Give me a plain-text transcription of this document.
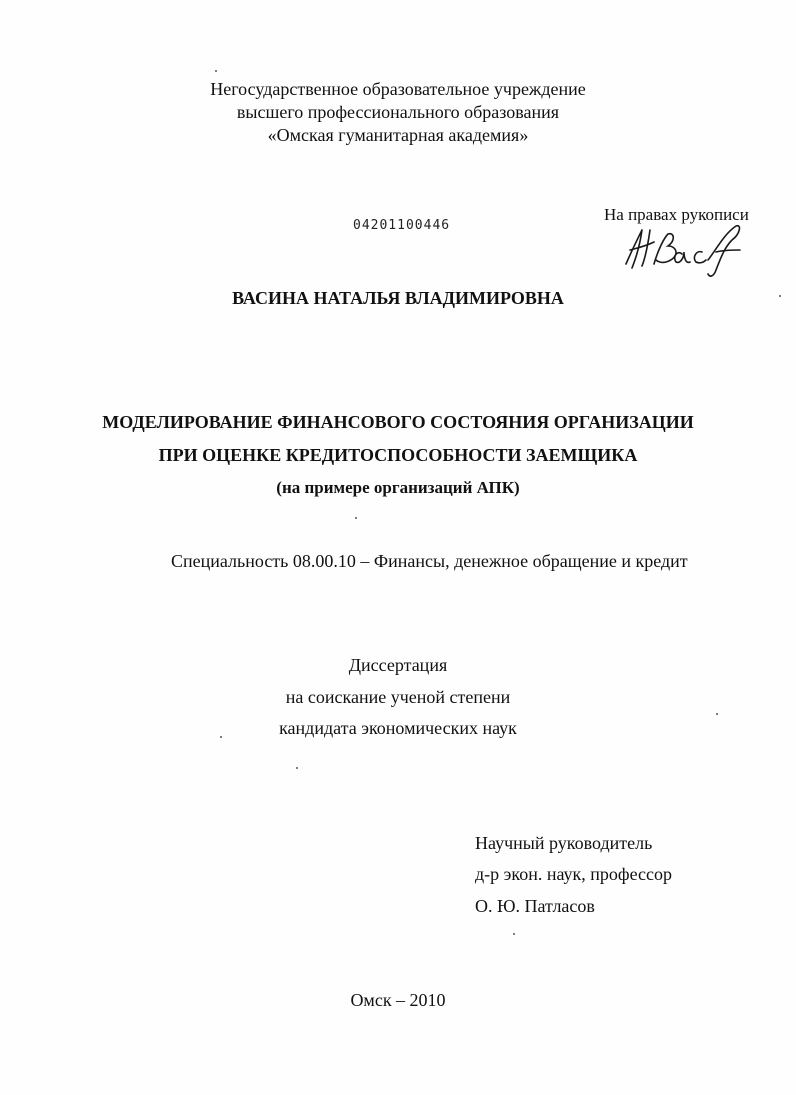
Негосударственное образовательное учреждение
высшего профессионального образования
«Омская гуманитарная академия»
04201100446
На правах рукописи
ВАСИНА НАТАЛЬЯ ВЛАДИМИРОВНА
МОДЕЛИРОВАНИЕ ФИНАНСОВОГО СОСТОЯНИЯ ОРГАНИЗАЦИИ
ПРИ ОЦЕНКЕ КРЕДИТОСПОСОБНОСТИ ЗАЕМЩИКА
(на примере организаций АПК)
Специальность 08.00.10 – Финансы, денежное обращение и кредит
Диссертация
на соискание ученой степени
кандидата экономических наук
Научный руководитель
д-р экон. наук, профессор
О. Ю. Патласов
Омск – 2010
